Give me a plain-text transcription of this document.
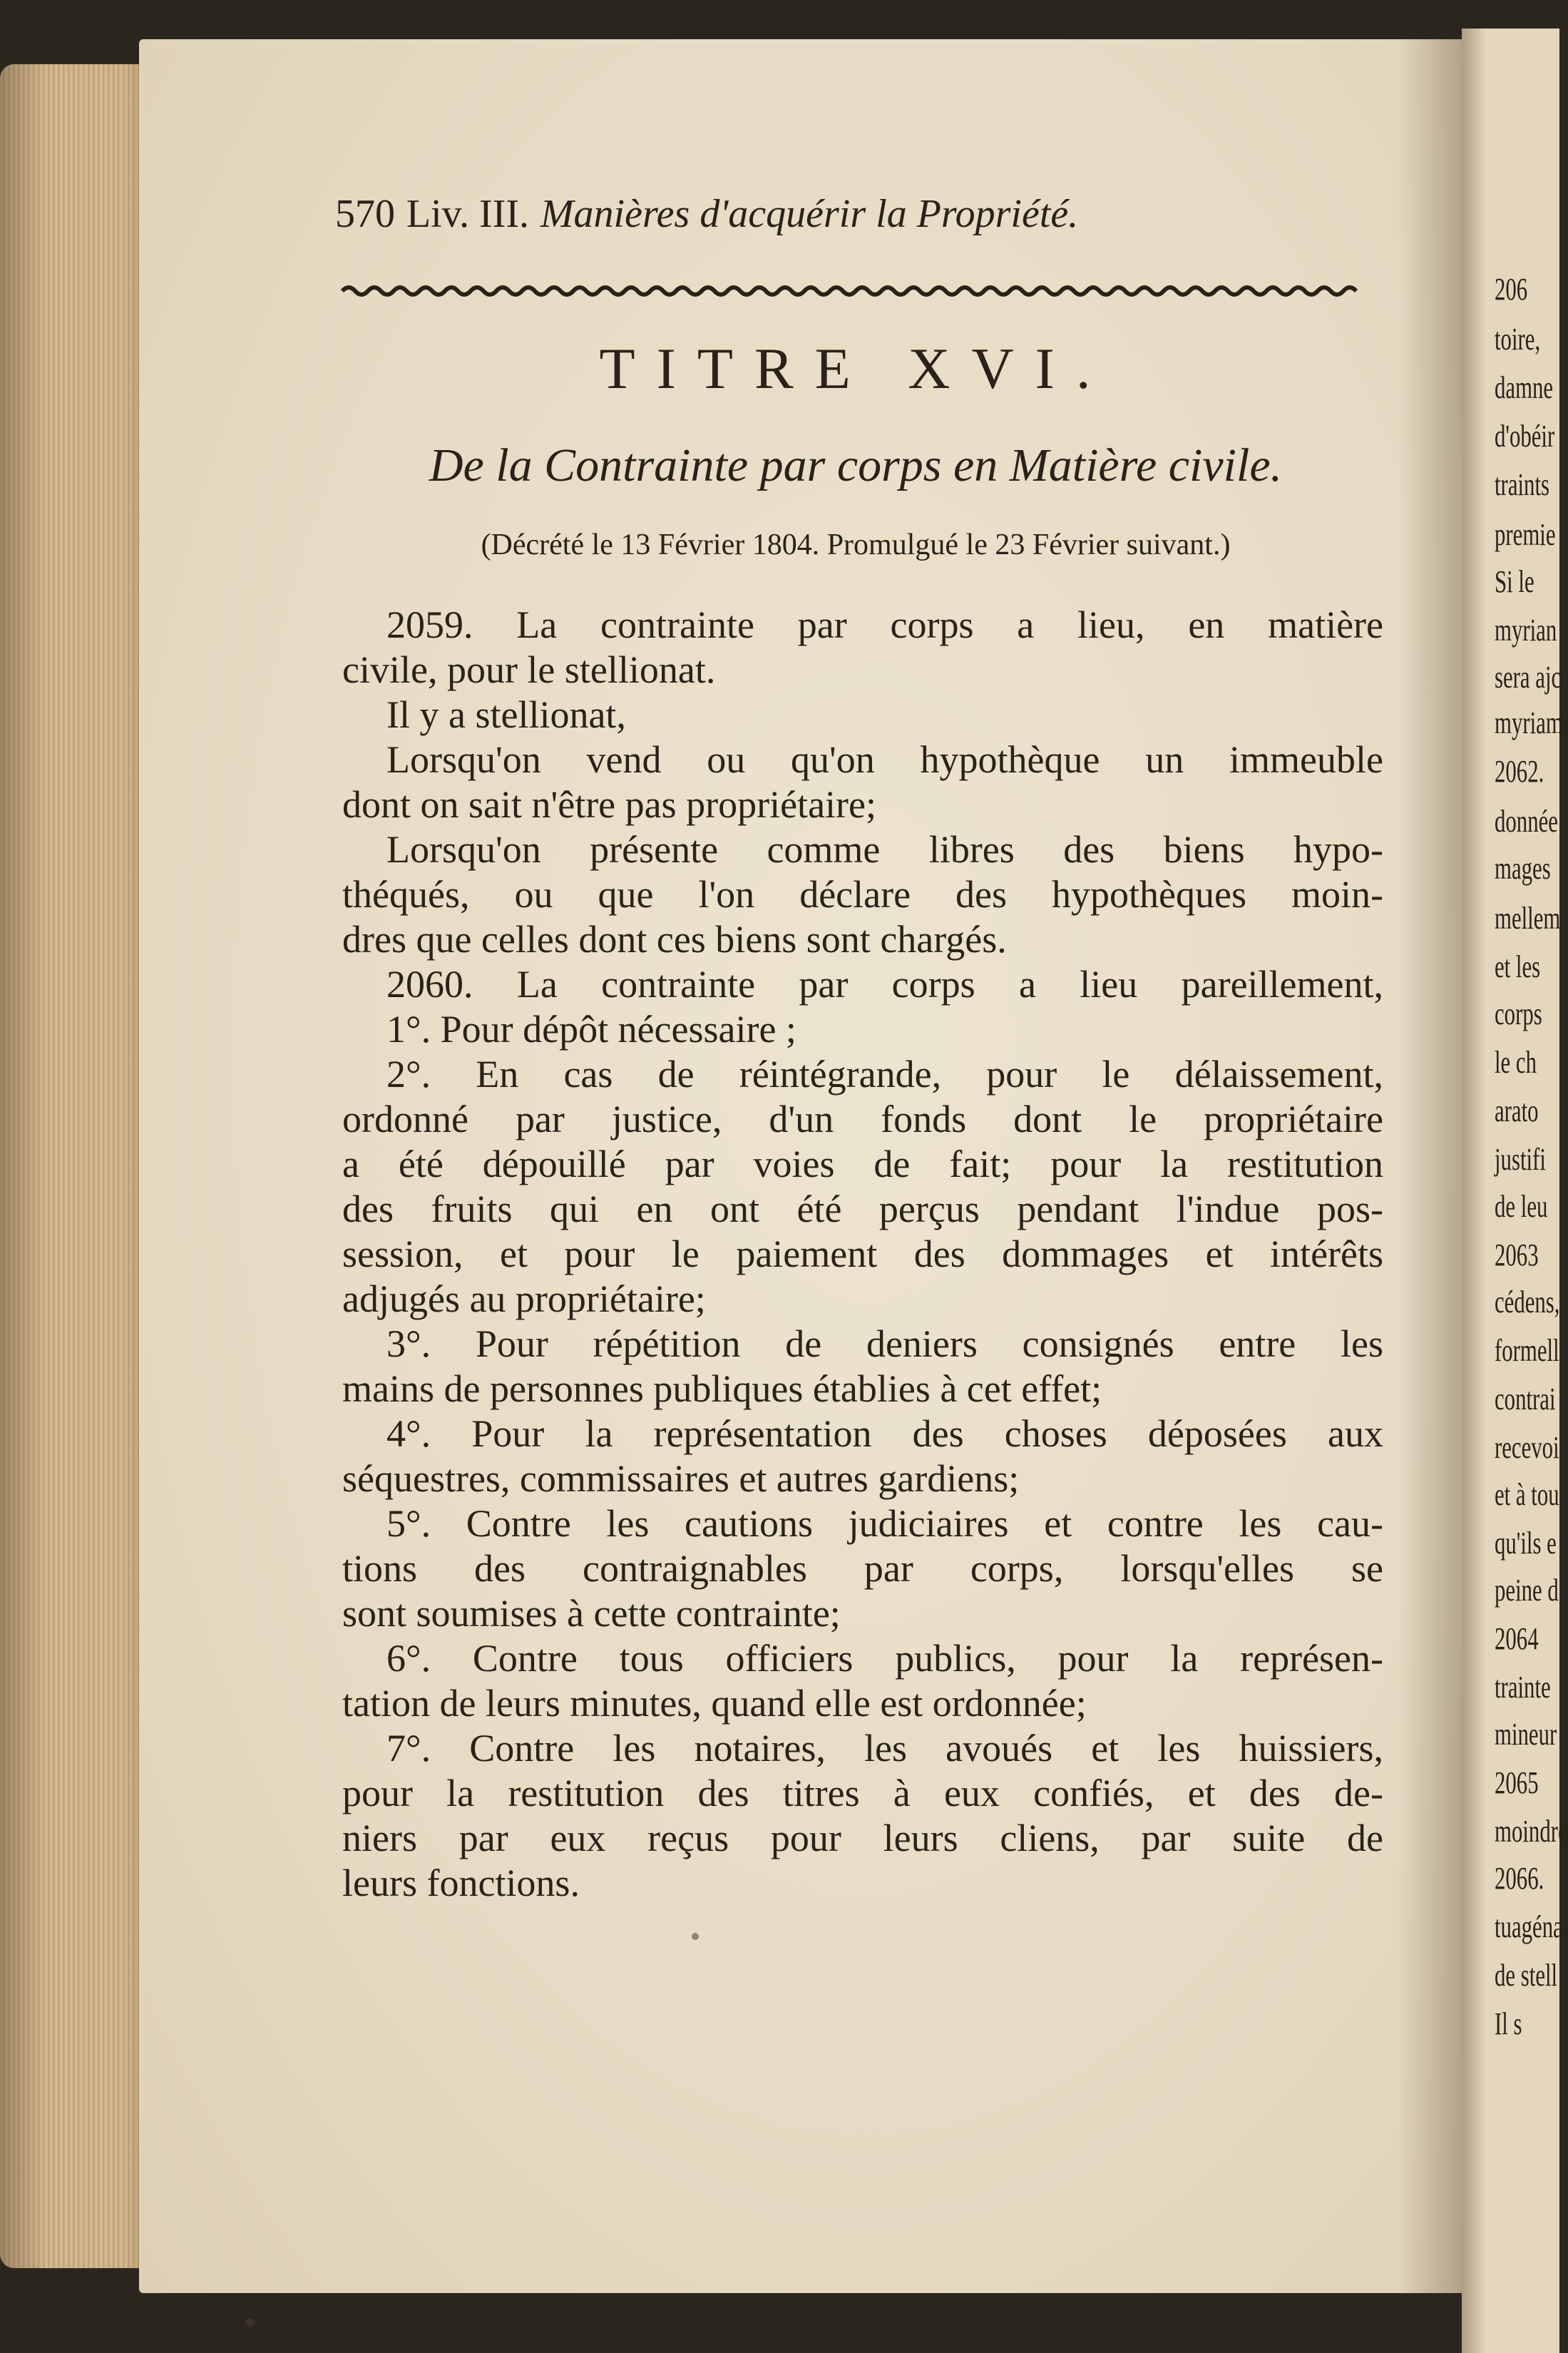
206
toire,
damne
d'obéir
traints
premie
Si le
myrian
sera ajc
myriam
2062.
donnée
mages
mellem
et les
corps
le ch
arato
justifi
de leu
2063
cédens,
formell
contrai
recevoi
et à tou
qu'ils e
peine d
2064
trainte
mineur
2065
moindre
2066.
tuagéna
de stell
Il s
570 Liv. III. Manières d'acquérir la Propriété.
TITRE XVI.
De la Contrainte par corps en Matière civile.
(Décrété le 13 Février 1804. Promulgué le 23 Février suivant.)
2059. La contrainte par corps a lieu, en matière
civile, pour le stellionat.
Il y a stellionat,
Lorsqu'on vend ou qu'on hypothèque un immeuble
dont on sait n'être pas propriétaire;
Lorsqu'on présente comme libres des biens hypo-
théqués, ou que l'on déclare des hypothèques moin-
dres que celles dont ces biens sont chargés.
2060. La contrainte par corps a lieu pareillement,
1°. Pour dépôt nécessaire ;
2°. En cas de réintégrande, pour le délaissement,
ordonné par justice, d'un fonds dont le propriétaire
a été dépouillé par voies de fait; pour la restitution
des fruits qui en ont été perçus pendant l'indue pos-
session, et pour le paiement des dommages et intérêts
adjugés au propriétaire;
3°. Pour répétition de deniers consignés entre les
mains de personnes publiques établies à cet effet;
4°. Pour la représentation des choses déposées aux
séquestres, commissaires et autres gardiens;
5°. Contre les cautions judiciaires et contre les cau-
tions des contraignables par corps, lorsqu'elles se
sont soumises à cette contrainte;
6°. Contre tous officiers publics, pour la représen-
tation de leurs minutes, quand elle est ordonnée;
7°. Contre les notaires, les avoués et les huissiers,
pour la restitution des titres à eux confiés, et des de-
niers par eux reçus pour leurs cliens, par suite de
leurs fonctions.
